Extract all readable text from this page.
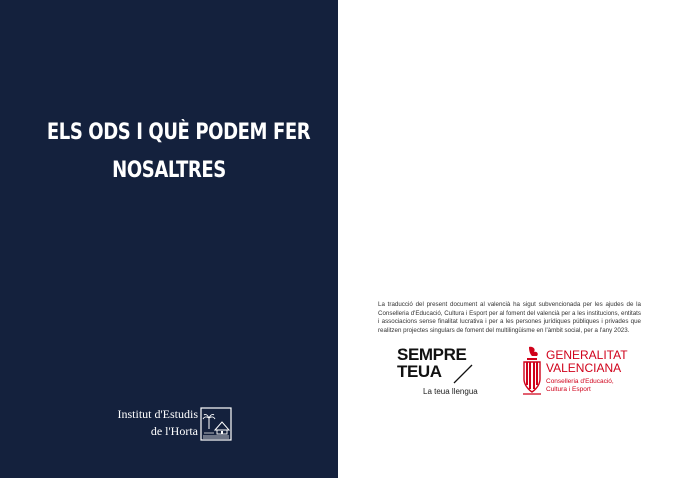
ELS ODS I QUÈ PODEM FER
NOSALTRES
Institut d'Estudis
de l'Horta

La traducció del present document al valencià ha sigut subvencionada per les ajudes de la Conselleria d'Educació, Cultura i Esport per al foment del valencià per a les institucions, entitats i associacions sense finalitat lucrativa i per a les persones jurídiques públiques i privades que realitzen projectes singulars de foment del multilingüisme en l'àmbit social, per a l'any 2023.

SEMPRE
TEUA
La teua llengua
GENERALITAT
VALENCIANA
Conselleria d'Educació,
Cultura i Esport
